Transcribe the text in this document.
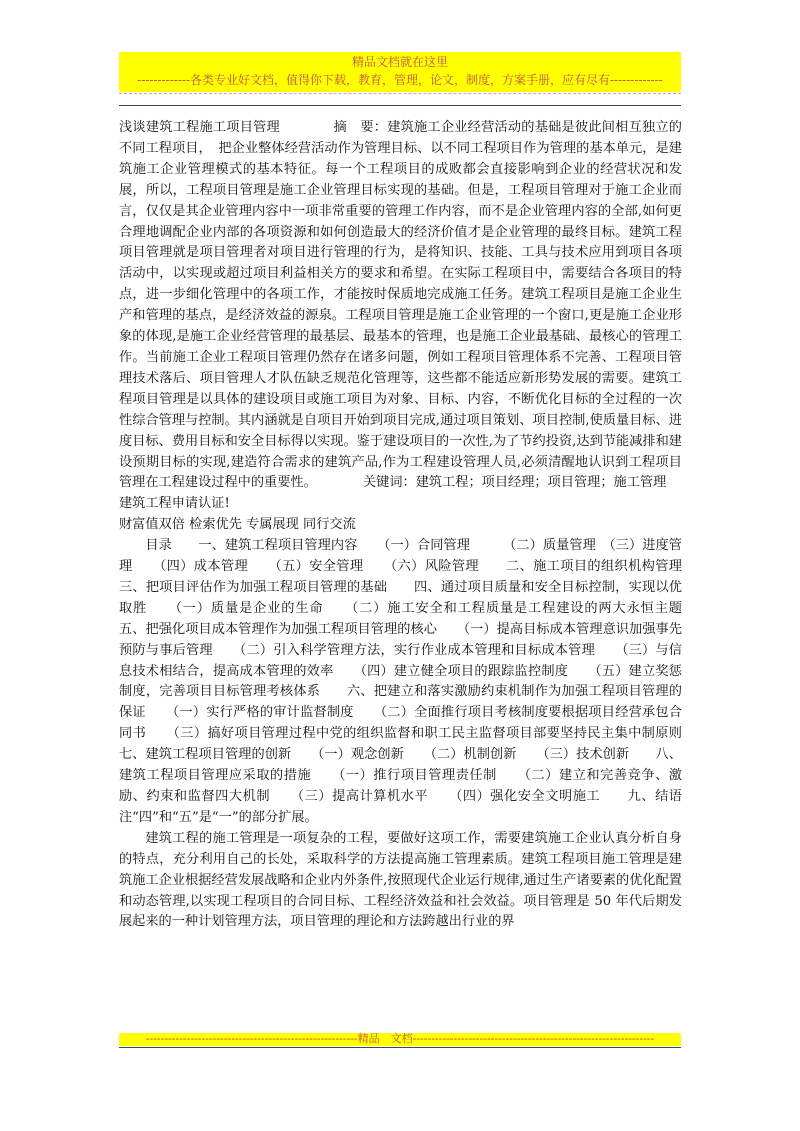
精品文档就在这里
-------------各类专业好文档，值得你下载，教育，管理，论文，制度，方案手册，应有尽有-------------

浅谈建筑工程施工项目管理　　　　摘　要：建筑施工企业经营活动的基础是彼此间相互独立的不同工程项目，　把企业整体经营活动作为管理目标、以不同工程项目作为管理的基本单元，是建筑施工企业管理模式的基本特征。每一个工程项目的成败都会直接影响到企业的经营状况和发展，所以，工程项目管理是施工企业管理目标实现的基础。但是，工程项目管理对于施工企业而言，仅仅是其企业管理内容中一项非常重要的管理工作内容，而不是企业管理内容的全部,如何更合理地调配企业内部的各项资源和如何创造最大的经济价值才是企业管理的最终目标。建筑工程项目管理就是项目管理者对项目进行管理的行为，是将知识、技能、工具与技术应用到项目各项活动中，以实现或超过项目利益相关方的要求和希望。在实际工程项目中，需要结合各项目的特点，进一步细化管理中的各项工作，才能按时保质地完成施工任务。建筑工程项目是施工企业生产和管理的基点，是经济效益的源泉。工程项目管理是施工企业管理的一个窗口,更是施工企业形象的体现,是施工企业经营管理的最基层、最基本的管理，也是施工企业最基础、最核心的管理工作。当前施工企业工程项目管理仍然存在诸多问题，例如工程项目管理体系不完善、工程项目管理技术落后、项目管理人才队伍缺乏规范化管理等，这些都不能适应新形势发展的需要。建筑工程项目管理是以具体的建设项目或施工项目为对象、目标、内容，不断优化目标的全过程的一次性综合管理与控制。其内涵就是自项目开始到项目完成,通过项目策划、项目控制,使质量目标、进度目标、费用目标和安全目标得以实现。鉴于建设项目的一次性,为了节约投资,达到节能减排和建设预期目标的实现,建造符合需求的建筑产品,作为工程建设管理人员,必须清醒地认识到工程项目管理在工程建设过程中的重要性。　　　　关键词：建筑工程；项目经理；项目管理；施工管理

建筑工程申请认证!

财富值双倍 检索优先 专属展现 同行交流

目录　　一、建筑工程项目管理内容　　（一）合同管理　　　（二）质量管理　（三）进度管理　　（四）成本管理　　（五）安全管理　　（六）风险管理　　二、施工项目的组织机构管理　　三、把项目评估作为加强工程项目管理的基础　　四、通过项目质量和安全目标控制，实现以优取胜　　（一）质量是企业的生命　　（二）施工安全和工程质量是工程建设的两大永恒主题　　五、把强化项目成本管理作为加强工程项目管理的核心　　（一）提高目标成本管理意识加强事先预防与事后管理　　（二）引入科学管理方法，实行作业成本管理和目标成本管理　　（三）与信息技术相结合，提高成本管理的效率　　（四）建立健全项目的跟踪监控制度　　（五）建立奖惩制度，完善项目目标管理考核体系　　六、把建立和落实激励约束机制作为加强工程项目管理的保证　　（一）实行严格的审计监督制度　　（二）全面推行项目考核制度要根据项目经营承包合同书　　（三）搞好项目管理过程中党的组织监督和职工民主监督项目部要坚持民主集中制原则　　七、建筑工程项目管理的创新　　（一）观念创新　　（二）机制创新　　（三）技术创新　　八、建筑工程项目管理应采取的措施　　（一）推行项目管理责任制　　（二）建立和完善竞争、激励、约束和监督四大机制　　（三）提高计算机水平　　（四）强化安全文明施工　　九、结语　　注“四”和“五”是“一”的部分扩展。

建筑工程的施工管理是一项复杂的工程，要做好这项工作，需要建筑施工企业认真分析自身的特点，充分利用自己的长处，采取科学的方法提高施工管理素质。建筑工程项目施工管理是建筑施工企业根据经营发展战略和企业内外条件,按照现代企业运行规律,通过生产诸要素的优化配置和动态管理,以实现工程项目的合同目标、工程经济效益和社会效益。项目管理是 50 年代后期发展起来的一种计划管理方法，项目管理的理论和方法跨越出行业的界

---------------------------------------------------------精品　文档-----------------------------------------------------------------
